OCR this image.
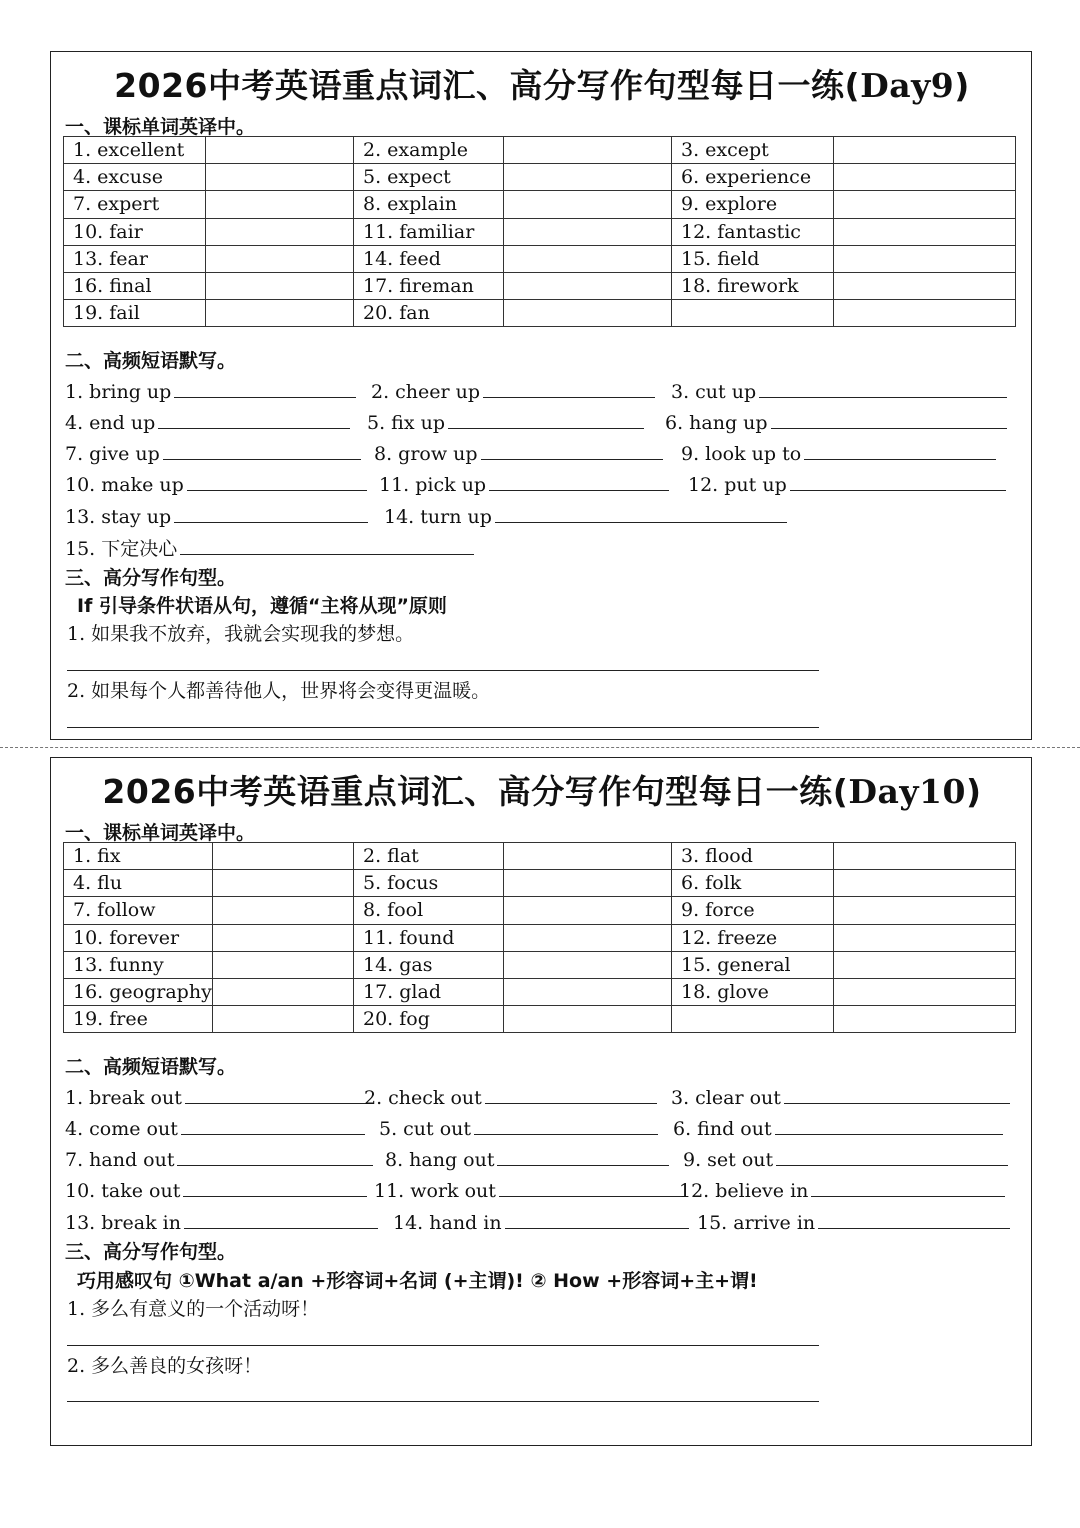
2026中考英语重点词汇、高分写作句型每日一练(Day9)
一、课标单词英译中。
1. excellent		2. example		3. except	
4. excuse		5. expect		6. experience	
7. expert		8. explain		9. explore	
10. fair		11. familiar		12. fantastic	
13. fear		14. feed		15. field	
16. final		17. fireman		18. firework	
19. fail		20. fan			
二、高频短语默写。
1. bring up	2. cheer up	3. cut up
4. end up	5. fix up	6. hang up
7. give up	8. grow up	9. look up to
10. make up	11. pick up	12. put up
13. stay up	14. turn up
15. 下定决心
三、高分写作句型。
If 引导条件状语从句，遵循“主将从现”原则
1. 如果我不放弃，我就会实现我的梦想。
2. 如果每个人都善待他人，世界将会变得更温暖。
2026中考英语重点词汇、高分写作句型每日一练(Day10)
一、课标单词英译中。
1. fix		2. flat		3. flood	
4. flu		5. focus		6. folk	
7. follow		8. fool		9. force	
10. forever		11. found		12. freeze	
13. funny		14. gas		15. general	
16. geography		17. glad		18. glove	
19. free		20. fog			
二、高频短语默写。
1. break out	2. check out	3. clear out
4. come out	5. cut out	6. find out
7. hand out	8. hang out	9. set out
10. take out	11. work out	12. believe in
13. break in	14. hand in	15. arrive in
三、高分写作句型。
巧用感叹句 ①What a/an +形容词+名词 (+主谓)! ② How +形容词+主+谓!
1. 多么有意义的一个活动呀！
2. 多么善良的女孩呀！
